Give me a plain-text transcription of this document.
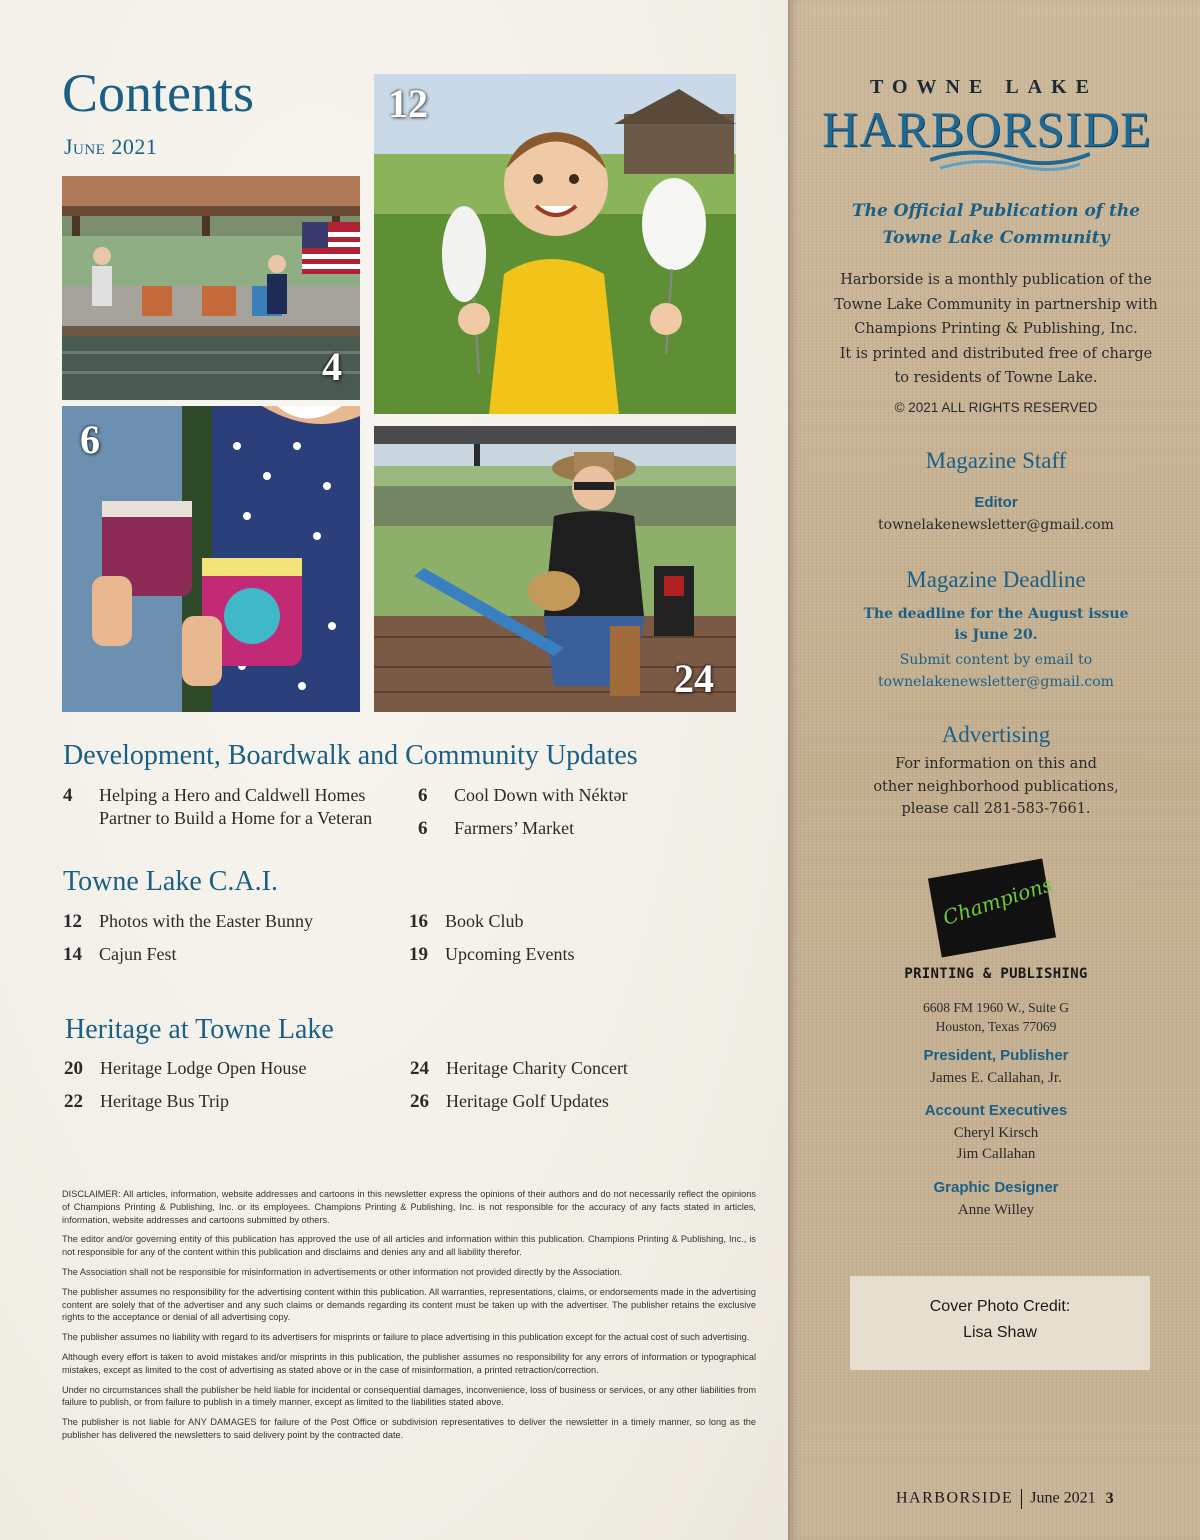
Contents
June 2021
4
12
6
24
Development, Boardwalk and Community Updates
4 Helping a Hero and Caldwell Homes
Partner to Build a Home for a Veteran
6 Cool Down with Néktər
6 Farmers’ Market
Towne Lake C.A.I.
12 Photos with the Easter Bunny
14 Cajun Fest
16 Book Club
19 Upcoming Events
Heritage at Towne Lake
20 Heritage Lodge Open House
22 Heritage Bus Trip
24 Heritage Charity Concert
26 Heritage Golf Updates

DISCLAIMER: All articles, information, website addresses and cartoons in this newsletter express the opinions of their authors and do not necessarily reflect the opinions of Champions Printing & Publishing, Inc. or its employees. Champions Printing & Publishing, Inc. is not responsible for the accuracy of any facts stated in articles, information, website addresses and cartoons submitted by others.

The editor and/or governing entity of this publication has approved the use of all articles and information within this publication. Champions Printing & Publishing, Inc., is not responsible for any of the content within this publication and disclaims and denies any and all liability therefor.

The Association shall not be responsible for misinformation in advertisements or other information not provided directly by the Association.

The publisher assumes no responsibility for the advertising content within this publication. All warranties, representations, claims, or endorsements made in the advertising content are solely that of the advertiser and any such claims or demands regarding its content must be taken up with the advertiser. The publisher retains the exclusive rights to the acceptance or denial of all advertising copy.

The publisher assumes no liability with regard to its advertisers for misprints or failure to place advertising in this publication except for the actual cost of such advertising.

Although every effort is taken to avoid mistakes and/or misprints in this publication, the publisher assumes no responsibility for any errors of information or typographical mistakes, except as limited to the cost of advertising as stated above or in the case of misinformation, a printed retraction/correction.

Under no circumstances shall the publisher be held liable for incidental or consequential damages, inconvenience, loss of business or services, or any other liabilities from failure to publish, or from failure to publish in a timely manner, except as limited to the liabilities stated above.

The publisher is not liable for ANY DAMAGES for failure of the Post Office or subdivision representatives to deliver the newsletter in a timely manner, so long as the publisher has delivered the newsletters to said delivery point by the contracted date.

TOWNE LAKE
HARBORSIDE
The Official Publication of the
Towne Lake Community
Harborside is a monthly publication of the
Towne Lake Community in partnership with
Champions Printing & Publishing, Inc.
It is printed and distributed free of charge
to residents of Towne Lake.
© 2021 ALL RIGHTS RESERVED
Magazine Staff
Editor
townelakenewsletter@gmail.com
Magazine Deadline
The deadline for the August issue
is June 20.
Submit content by email to
townelakenewsletter@gmail.com
Advertising
For information on this and
other neighborhood publications,
please call 281-583-7661.
Champions
PRINTING & PUBLISHING
6608 FM 1960 W., Suite G
Houston, Texas 77069
President, Publisher
James E. Callahan, Jr.
Account Executives
Cheryl Kirsch
Jim Callahan
Graphic Designer
Anne Willey
Cover Photo Credit:
Lisa Shaw
HARBORSIDE June 2021 3
